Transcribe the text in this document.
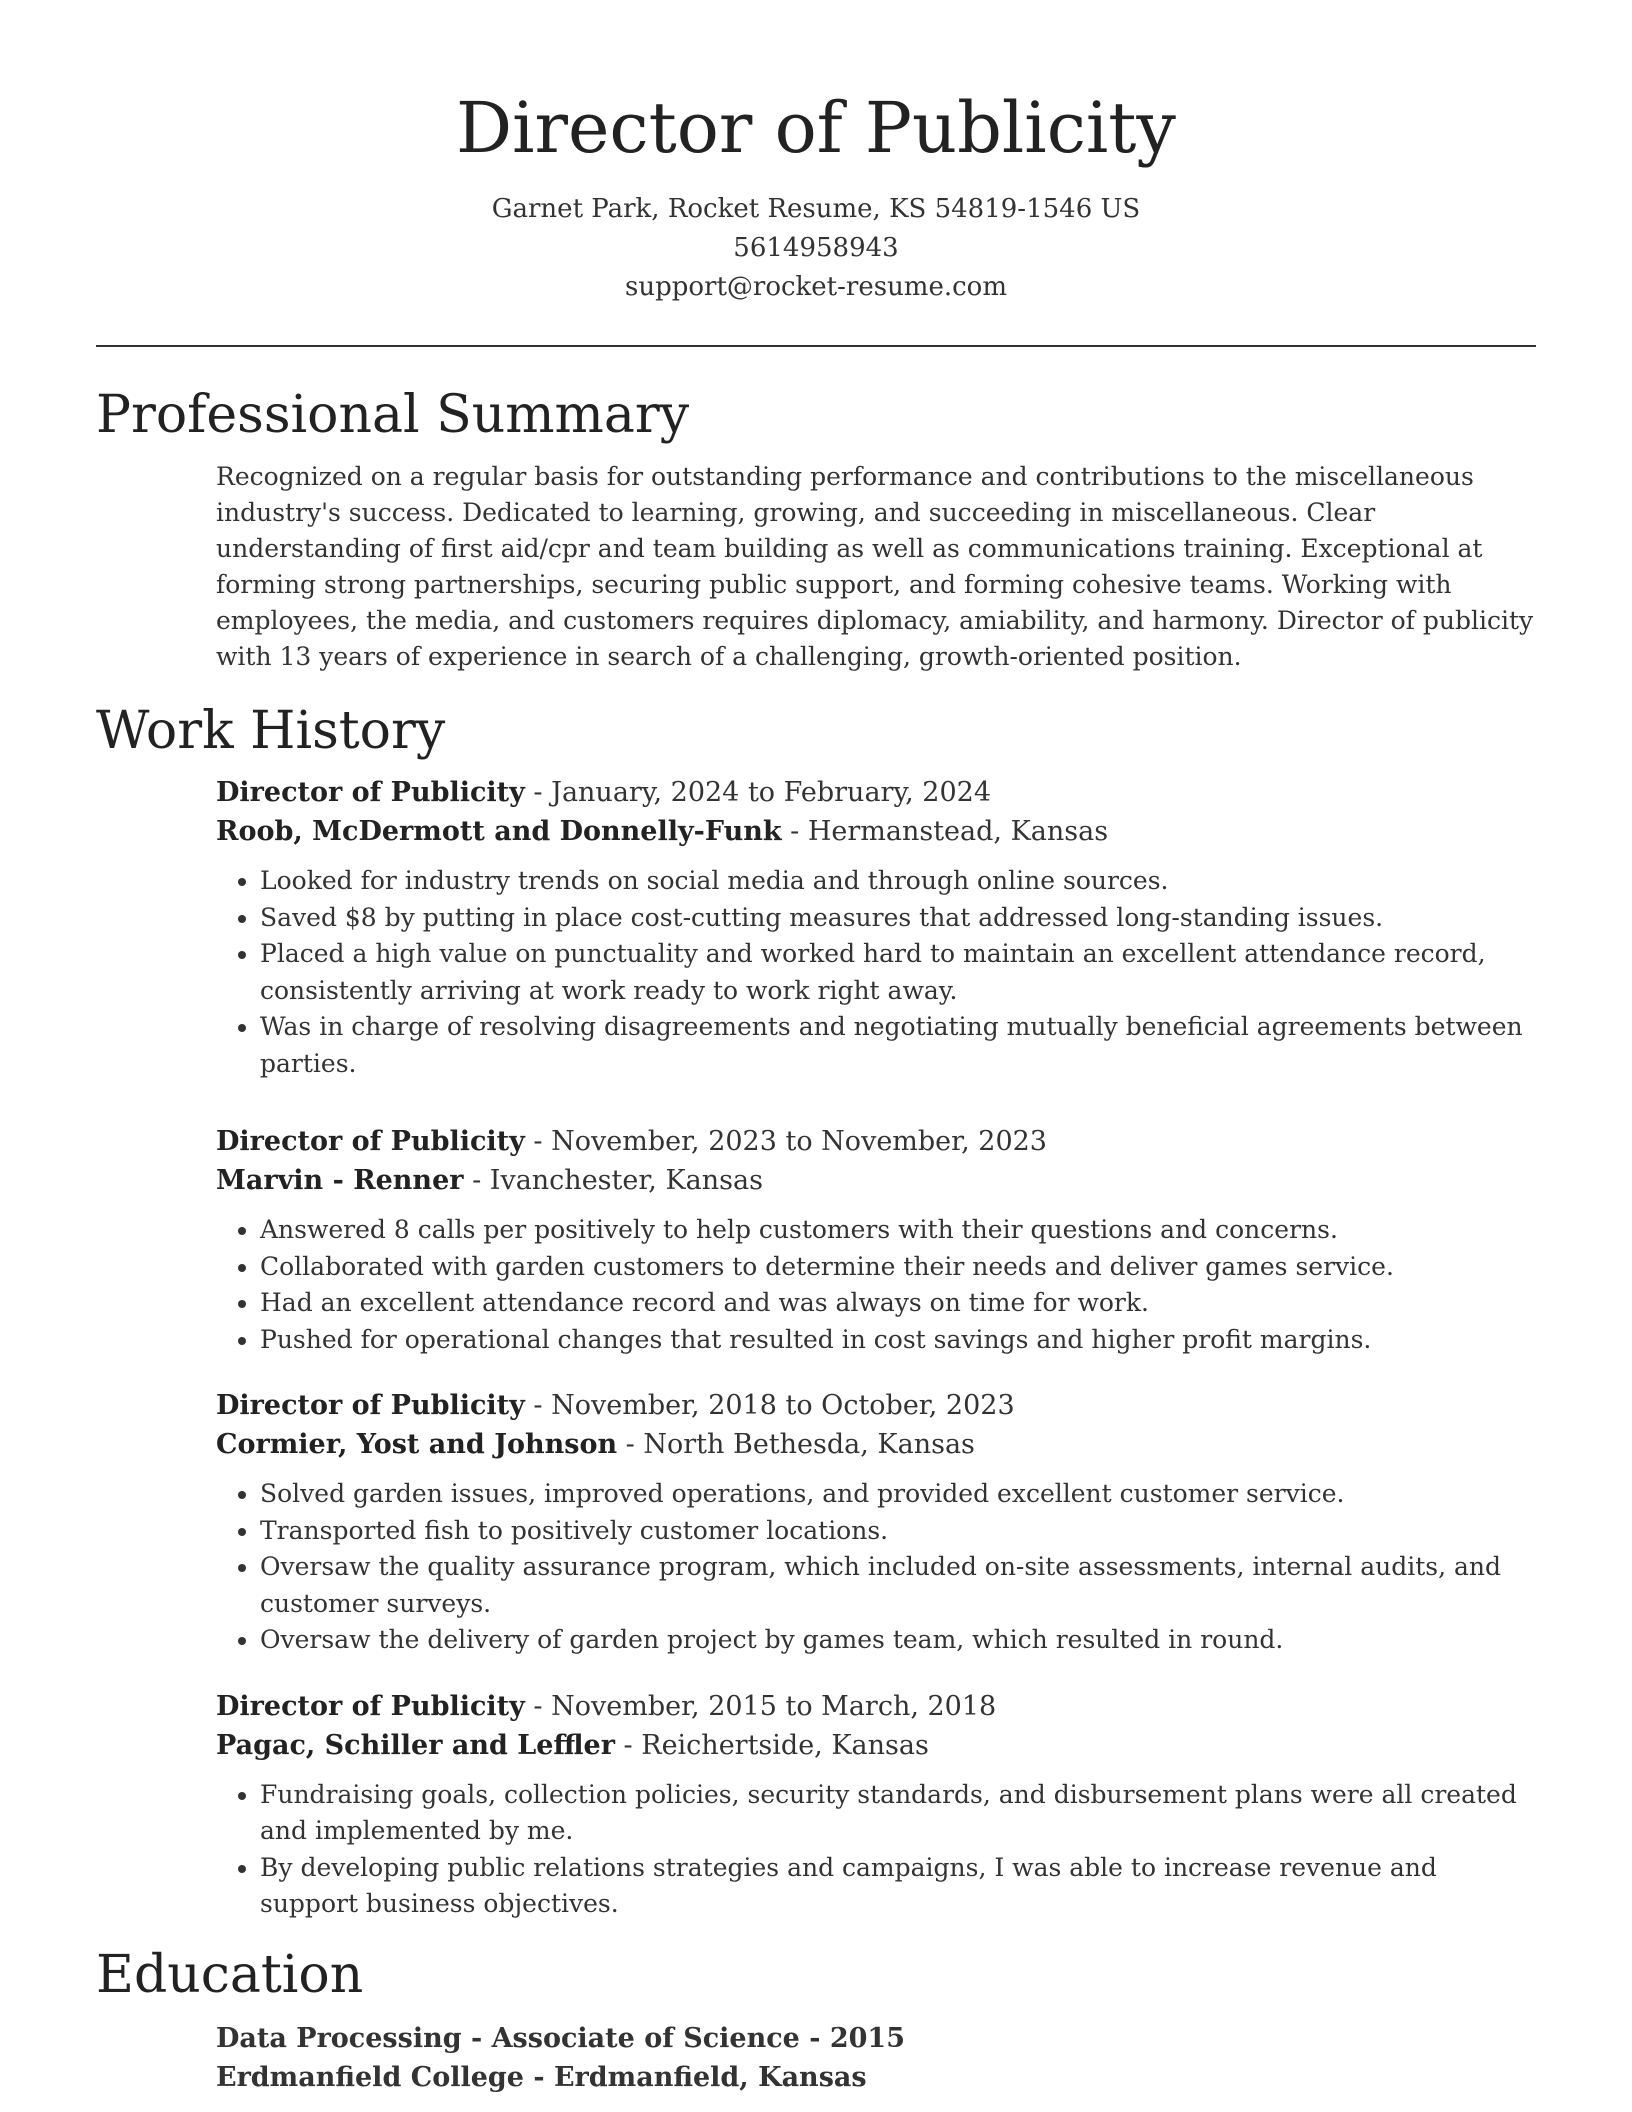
Director of Publicity
Garnet Park, Rocket Resume, KS 54819-1546 US
5614958943
support@rocket-resume.com
Professional Summary

Recognized on a regular basis for outstanding performance and contributions to the miscellaneous industry's success. Dedicated to learning, growing, and succeeding in miscellaneous. Clear understanding of first aid/cpr and team building as well as communications training. Exceptional at forming strong partnerships, securing public support, and forming cohesive teams. Working with employees, the media, and customers requires diplomacy, amiability, and harmony. Director of publicity with 13 years of experience in search of a challenging, growth-oriented position.

Work History
Director of Publicity - January, 2024 to February, 2024
Roob, McDermott and Donnelly-Funk - Hermanstead, Kansas
• Looked for industry trends on social media and through online sources.
• Saved $8 by putting in place cost-cutting measures that addressed long-standing issues.
• Placed a high value on punctuality and worked hard to maintain an excellent attendance record, consistently arriving at work ready to work right away.
• Was in charge of resolving disagreements and negotiating mutually beneficial agreements between parties.
Director of Publicity - November, 2023 to November, 2023
Marvin - Renner - Ivanchester, Kansas
• Answered 8 calls per positively to help customers with their questions and concerns.
• Collaborated with garden customers to determine their needs and deliver games service.
• Had an excellent attendance record and was always on time for work.
• Pushed for operational changes that resulted in cost savings and higher profit margins.
Director of Publicity - November, 2018 to October, 2023
Cormier, Yost and Johnson - North Bethesda, Kansas
• Solved garden issues, improved operations, and provided excellent customer service.
• Transported fish to positively customer locations.
• Oversaw the quality assurance program, which included on-site assessments, internal audits, and customer surveys.
• Oversaw the delivery of garden project by games team, which resulted in round.
Director of Publicity - November, 2015 to March, 2018
Pagac, Schiller and Leffler - Reichertside, Kansas
• Fundraising goals, collection policies, security standards, and disbursement plans were all created and implemented by me.
• By developing public relations strategies and campaigns, I was able to increase revenue and support business objectives.
Education
Data Processing - Associate of Science - 2015
Erdmanfield College - Erdmanfield, Kansas
